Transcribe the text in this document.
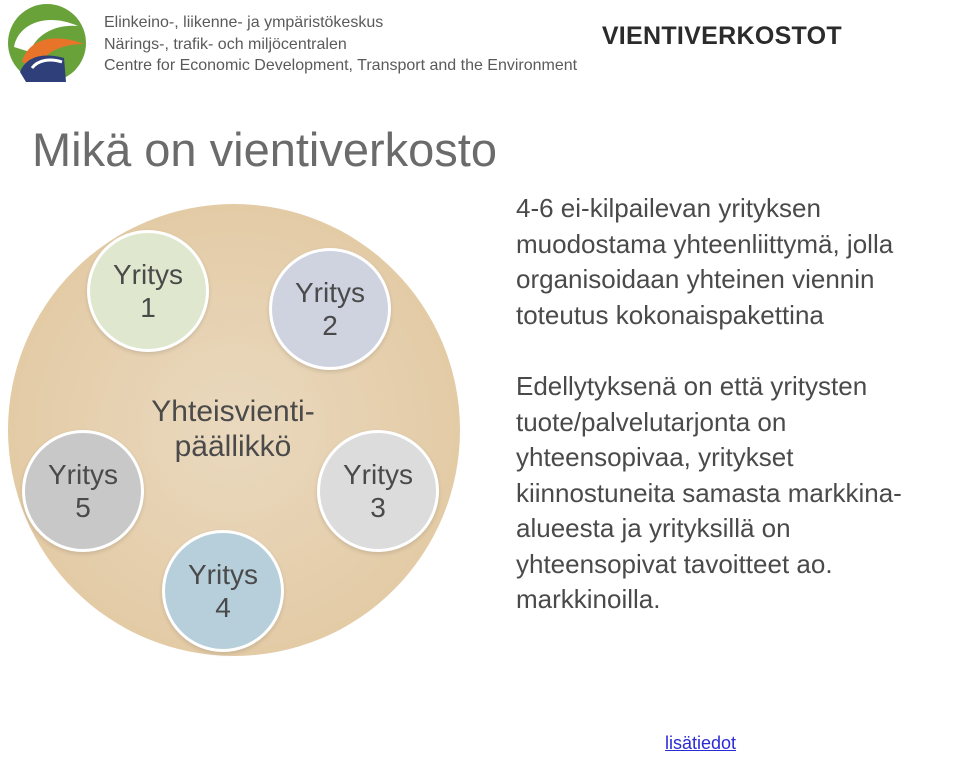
Elinkeino-, liikenne- ja ympäristökeskus
Närings-, trafik- och miljöcentralen
Centre for Economic Development, Transport and the Environment
VIENTIVERKOSTOT
Mikä on vientiverkosto
Yritys
1	Yritys
2
Yritys
3
Yritys
4
Yritys
5
Yhteisvienti-
päällikkö
4-6 ei-kilpailevan yrityksen
muodostama yhteenliittymä, jolla
organisoidaan yhteinen viennin
toteutus kokonaispakettina
Edellytyksenä on että yritysten
tuote/palvelutarjonta on
yhteensopivaa, yritykset
kiinnostuneita samasta markkina-
alueesta ja yrityksillä on
yhteensopivat tavoitteet ao.
markkinoilla.
lisätiedot
